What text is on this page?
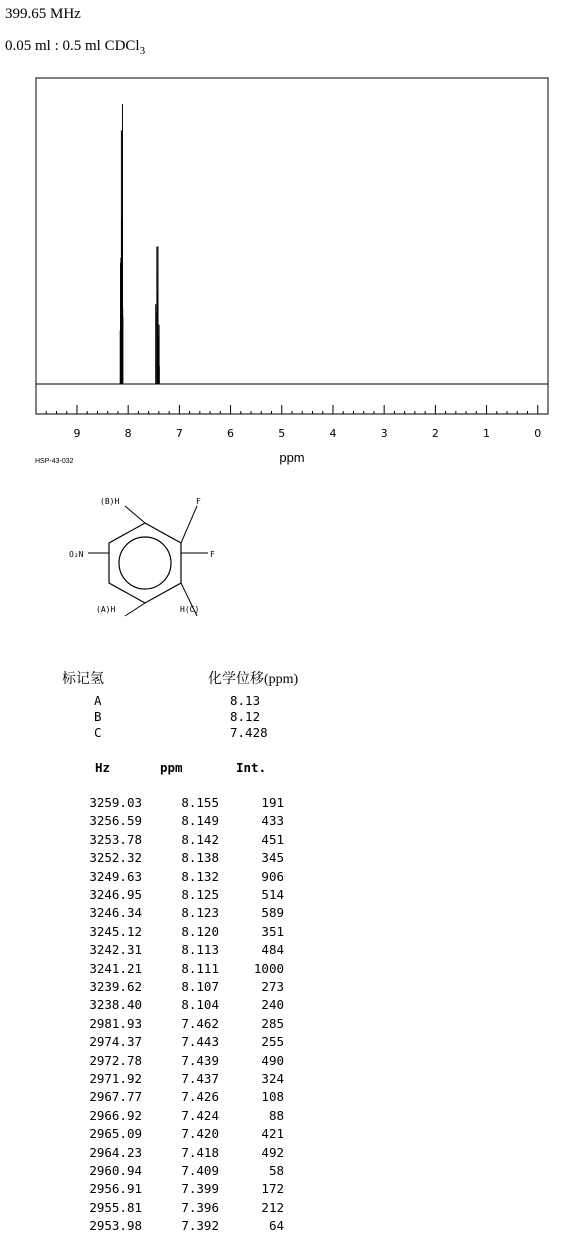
399.65 MHz
0.05 ml : 0.5 ml CDCl$_3$
9	8	7	6	5	4	3	2	1	0
ppm
HSP-43-032
(B)H	F
F
O₂N
(A)H	H(C)
标记氢	化学位移(ppm)
A	8.13
B	8.12
C	7.428
Hz	ppm	Int.
3259.03	8.155	191
3256.59	8.149	433
3253.78	8.142	451
3252.32	8.138	345
3249.63	8.132	906
3246.95	8.125	514
3246.34	8.123	589
3245.12	8.120	351
3242.31	8.113	484
3241.21	8.111	1000
3239.62	8.107	273
3238.40	8.104	240
2981.93	7.462	285
2974.37	7.443	255
2972.78	7.439	490
2971.92	7.437	324
2967.77	7.426	108
2966.92	7.424	88
2965.09	7.420	421
2964.23	7.418	492
2960.94	7.409	58
2956.91	7.399	172
2955.81	7.396	212
2953.98	7.392	64
